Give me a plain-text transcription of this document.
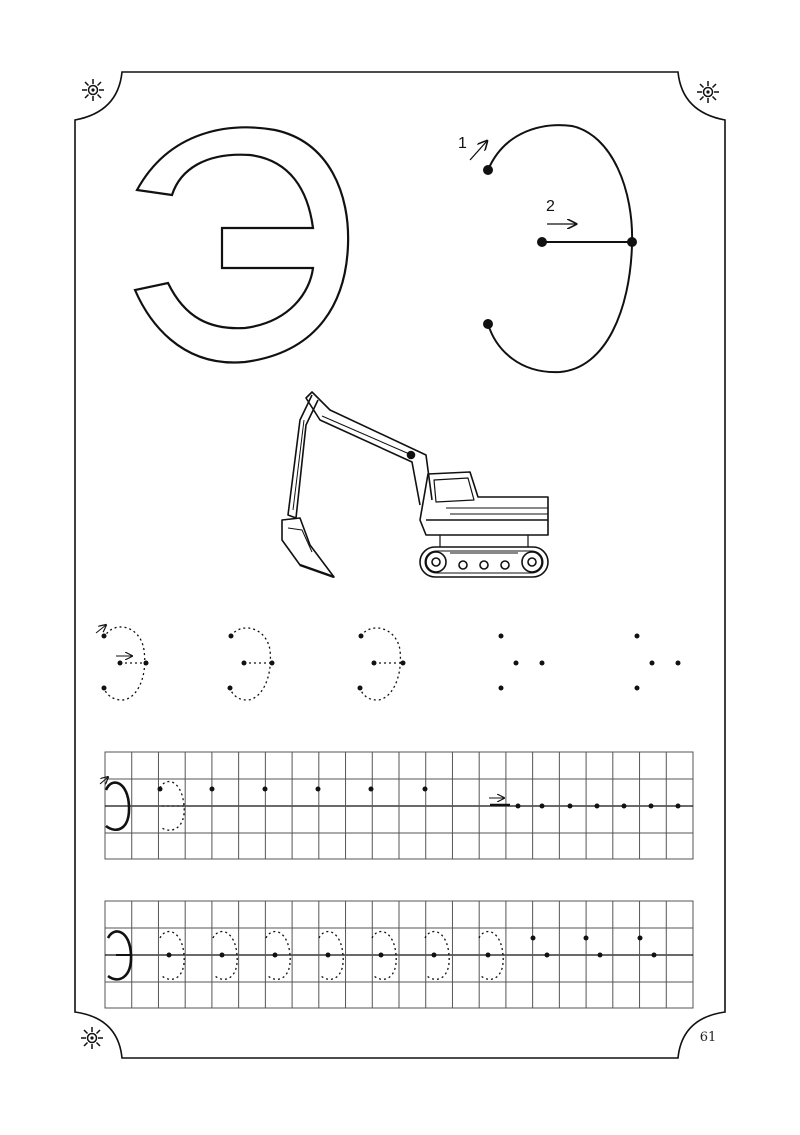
1
2
61
